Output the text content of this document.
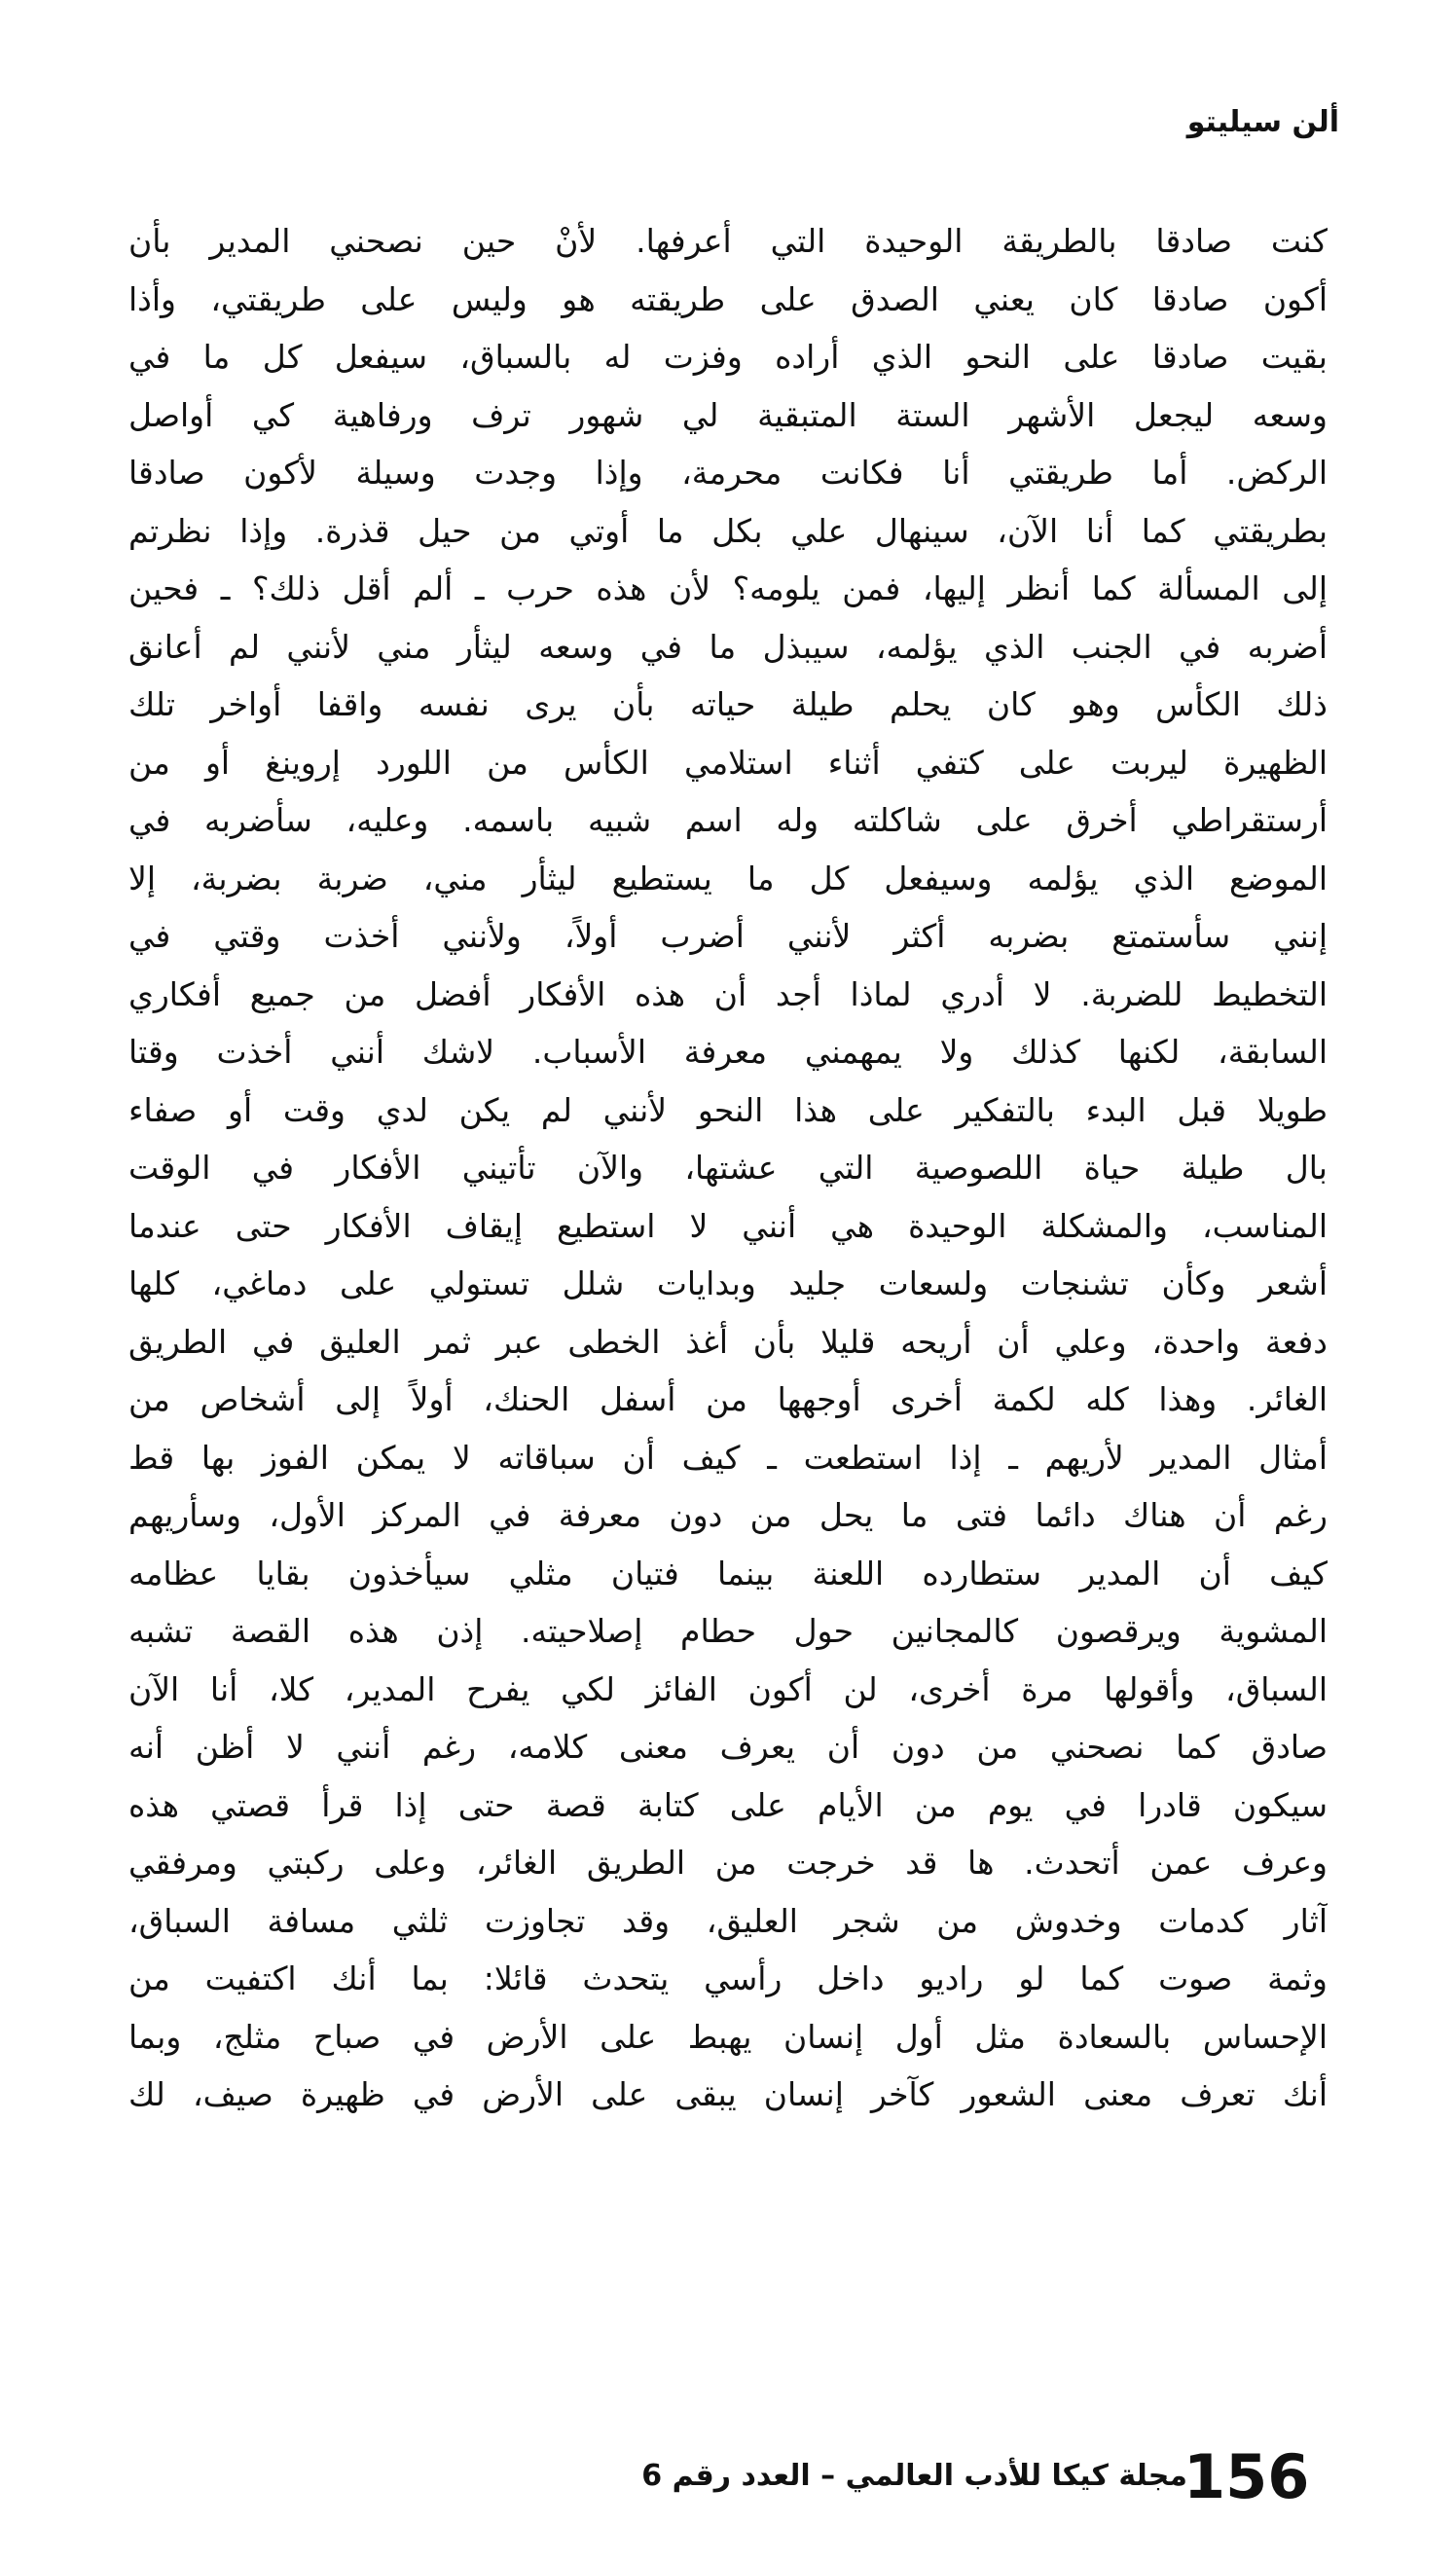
ألن سيليتو
كنت صادقا بالطريقة الوحيدة التي أعرفها. لأنْ حين نصحني المدير بأن
أكون صادقا كان يعني الصدق على طريقته هو وليس على طريقتي، وأذا
بقيت صادقا على النحو الذي أراده وفزت له بالسباق، سيفعل كل ما في
وسعه ليجعل الأشهر الستة المتبقية لي شهور ترف ورفاهية كي أواصل
الركض. أما طريقتي أنا فكانت محرمة، وإذا وجدت وسيلة لأكون صادقا
بطريقتي كما أنا الآن، سينهال علي بكل ما أوتي من حيل قذرة. وإذا نظرتم
إلى المسألة كما أنظر إليها، فمن يلومه؟ لأن هذه حرب ـ ألم أقل ذلك؟ ـ فحين
أضربه في الجنب الذي يؤلمه، سيبذل ما في وسعه ليثأر مني لأنني لم أعانق
ذلك الكأس وهو كان يحلم طيلة حياته بأن يرى نفسه واقفا أواخر تلك
الظهيرة ليربت على كتفي أثناء استلامي الكأس من اللورد إروينغ أو من
أرستقراطي أخرق على شاكلته وله اسم شبيه باسمه. وعليه، سأضربه في
الموضع الذي يؤلمه وسيفعل كل ما يستطيع ليثأر مني، ضربة بضربة، إلا
إنني سأستمتع بضربه أكثر لأنني أضرب أولاً، ولأنني أخذت وقتي في
التخطيط للضربة. لا أدري لماذا أجد أن هذه الأفكار أفضل من جميع أفكاري
السابقة، لكنها كذلك ولا يمهمني معرفة الأسباب. لاشك أنني أخذت وقتا
طويلا قبل البدء بالتفكير على هذا النحو لأنني لم يكن لدي وقت أو صفاء
بال طيلة حياة اللصوصية التي عشتها، والآن تأتيني الأفكار في الوقت
المناسب، والمشكلة الوحيدة هي أنني لا استطيع إيقاف الأفكار حتى عندما
أشعر وكأن تشنجات ولسعات جليد وبدايات شلل تستولي على دماغي، كلها
دفعة واحدة، وعلي أن أريحه قليلا بأن أغذ الخطى عبر ثمر العليق في الطريق
الغائر. وهذا كله لكمة أخرى أوجهها من أسفل الحنك، أولاً إلى أشخاص من
أمثال المدير لأريهم ـ إذا استطعت ـ كيف أن سباقاته لا يمكن الفوز بها قط
رغم أن هناك دائما فتى ما يحل من دون معرفة في المركز الأول، وسأريهم
كيف أن المدير ستطارده اللعنة بينما فتيان مثلي سيأخذون بقايا عظامه
المشوية ويرقصون كالمجانين حول حطام إصلاحيته. إذن هذه القصة تشبه
السباق، وأقولها مرة أخرى، لن أكون الفائز لكي يفرح المدير، كلا، أنا الآن
صادق كما نصحني من دون أن يعرف معنى كلامه، رغم أنني لا أظن أنه
سيكون قادرا في يوم من الأيام على كتابة قصة حتى إذا قرأ قصتي هذه
وعرف عمن أتحدث. ها قد خرجت من الطريق الغائر، وعلى ركبتي ومرفقي
آثار كدمات وخدوش من شجر العليق، وقد تجاوزت ثلثي مسافة السباق،
وثمة صوت كما لو راديو داخل رأسي يتحدث قائلا: بما أنك اكتفيت من
الإحساس بالسعادة مثل أول إنسان يهبط على الأرض في صباح مثلج، وبما
أنك تعرف معنى الشعور كآخر إنسان يبقى على الأرض في ظهيرة صيف، لك
156
مجلة كيكا للأدب العالمي – العدد رقم 6
